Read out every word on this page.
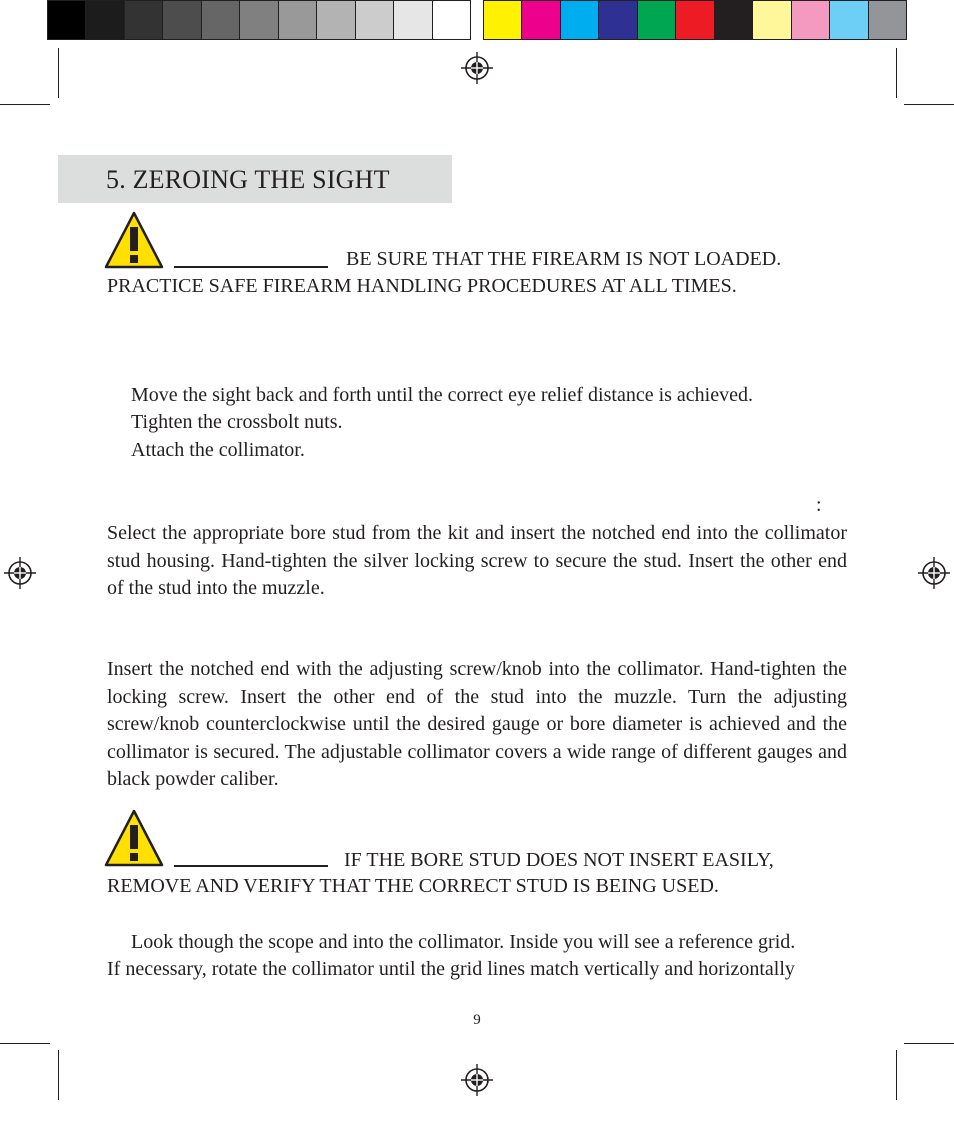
5. ZEROING THE SIGHT
BE SURE THAT THE FIREARM IS NOT LOADED.
PRACTICE SAFE FIREARM HANDLING PROCEDURES AT ALL TIMES.
Move the sight back and forth until the correct eye relief distance is achieved.
Tighten the crossbolt nuts.
Attach the collimator.
:
Select the appropriate bore stud from the kit and insert the notched end into the collimator stud housing. Hand-tighten the silver locking screw to secure the stud. Insert the other end of the stud into the muzzle.
Insert the notched end with the adjusting screw/knob into the collimator. Hand-tighten the locking screw. Insert the other end of the stud into the muzzle. Turn the adjusting screw/knob counterclockwise until the desired gauge or bore diameter is achieved and the collimator is secured. The adjustable collimator covers a wide range of different gauges and black powder caliber.
IF THE BORE STUD DOES NOT INSERT EASILY,
REMOVE AND VERIFY THAT THE CORRECT STUD IS BEING USED.
Look though the scope and into the collimator. Inside you will see a reference grid.
If necessary, rotate the collimator until the grid lines match vertically and horizontally
9
